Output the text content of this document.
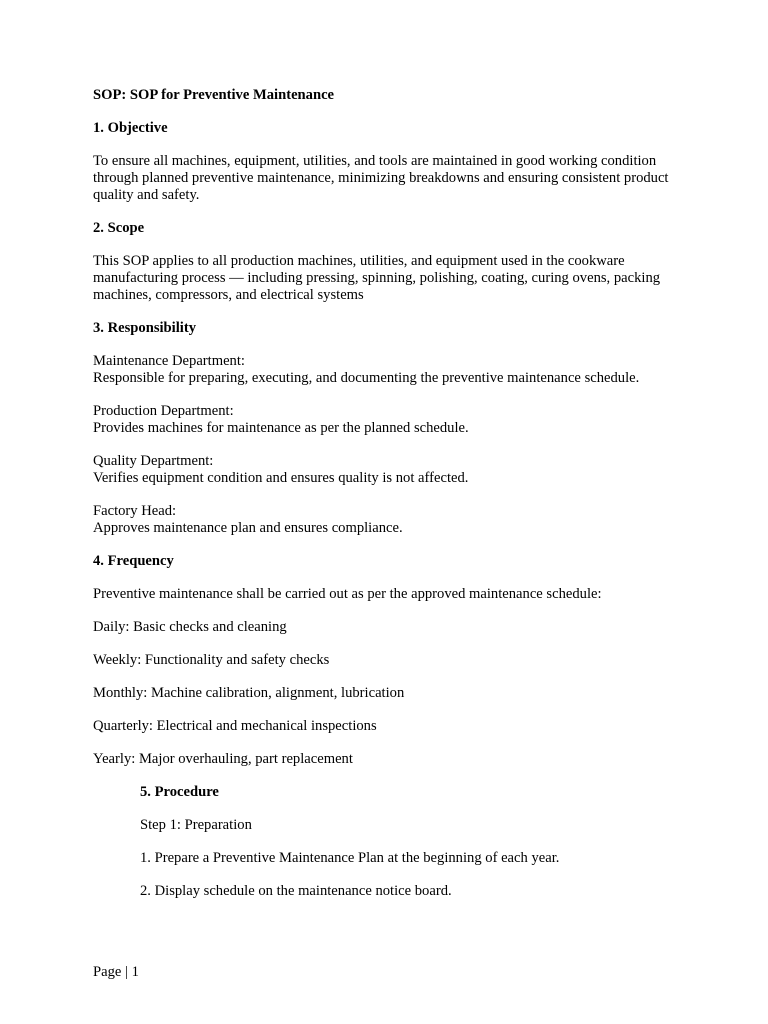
SOP: SOP for Preventive Maintenance

1. Objective

To ensure all machines, equipment, utilities, and tools are maintained in good working condition through planned preventive maintenance, minimizing breakdowns and ensuring consistent product quality and safety.

2. Scope

This SOP applies to all production machines, utilities, and equipment used in the cookware manufacturing process — including pressing, spinning, polishing, coating, curing ovens, packing machines, compressors, and electrical systems

3. Responsibility

Maintenance Department:
Responsible for preparing, executing, and documenting the preventive maintenance schedule.

Production Department:
Provides machines for maintenance as per the planned schedule.

Quality Department:
Verifies equipment condition and ensures quality is not affected.

Factory Head:
Approves maintenance plan and ensures compliance.

4. Frequency

Preventive maintenance shall be carried out as per the approved maintenance schedule:

Daily: Basic checks and cleaning

Weekly: Functionality and safety checks

Monthly: Machine calibration, alignment, lubrication

Quarterly: Electrical and mechanical inspections

Yearly: Major overhauling, part replacement

5. Procedure

Step 1: Preparation

1. Prepare a Preventive Maintenance Plan at the beginning of each year.

2. Display schedule on the maintenance notice board.

Page | 1
